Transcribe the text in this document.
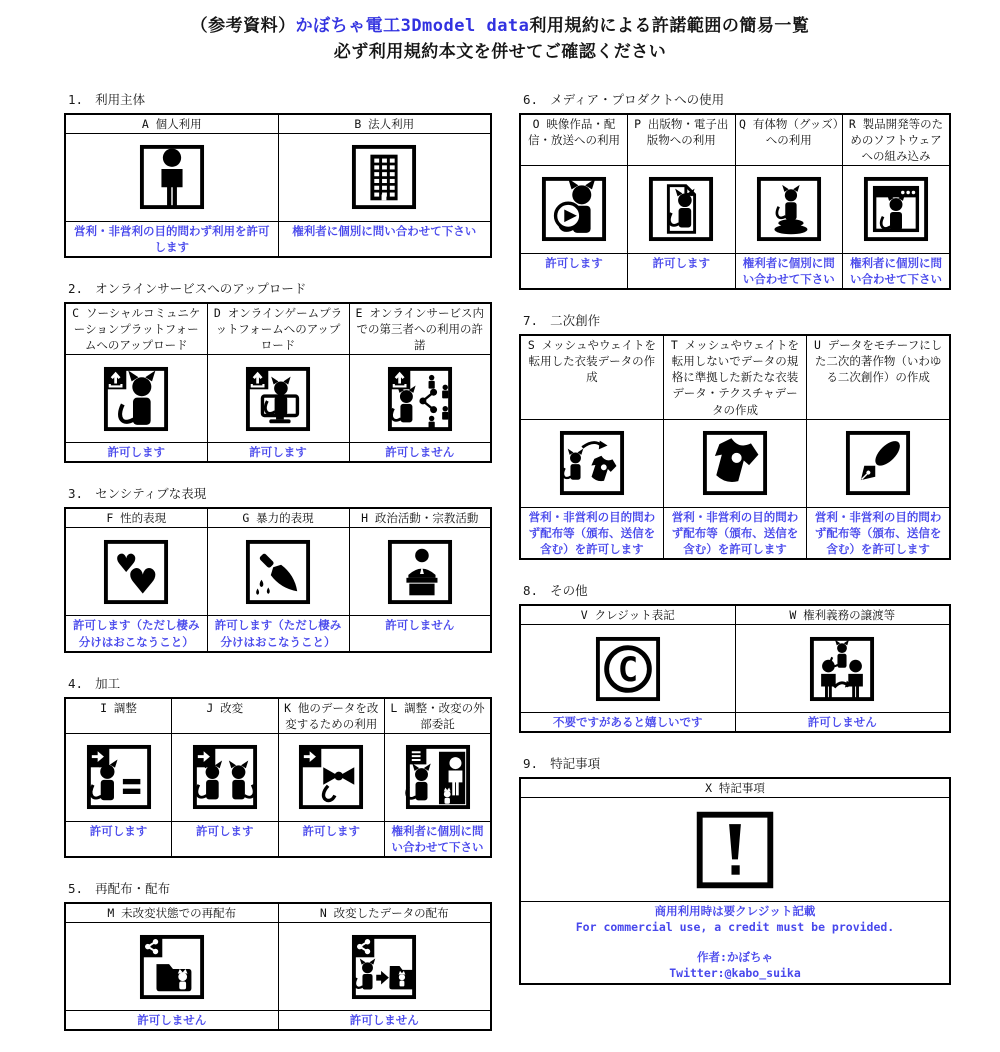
（参考資料）かぼちゃ電工3Dmodel data利用規約による許諾範囲の簡易一覧
必ず利用規約本文を併せてご確認ください
1. 利用主体
A 個人利用	B 法人利用

営利・非営利の目的問わず利用を許可します	権利者に個別に問い合わせて下さい
2. オンラインサービスへのアップロード
C ソーシャルコミュニケーションプラットフォームへのアップロード	D オンラインゲームプラットフォームへのアップロード	E オンラインサービス内での第三者への利用の許諾

許可します	許可します	許可しません
3. センシティブな表現
F 性的表現	G 暴力的表現	H 政治活動・宗教活動

♥
♥

許可します（ただし棲み分けはおこなうこと）	許可します（ただし棲み分けはおこなうこと）	許可しません
4. 加工
I 調整	J 改変	K 他のデータを改変するための利用	L 調整・改変の外部委託

許可します	許可します	許可します	権利者に個別に問い合わせて下さい
5. 再配布・配布
M 未改変状態での再配布	N 改変したデータの配布

許可しません	許可しません
6. メディア・プロダクトへの使用
O 映像作品・配信・放送への利用	P 出版物・電子出版物への利用	Q 有体物（グッズ）への利用	R 製品開発等のためのソフトウェアへの組み込み

許可します	許可します	権利者に個別に問い合わせて下さい	権利者に個別に問い合わせて下さい
7. 二次創作
S メッシュやウェイトを転用した衣装データの作成	T メッシュやウェイトを転用しないでデータの規格に準拠した新たな衣装データ・テクスチャデータの作成	U データをモチーフにした二次的著作物（いわゆる二次創作）の作成

営利・非営利の目的問わず配布等（頒布、送信を含む）を許可します	営利・非営利の目的問わず配布等（頒布、送信を含む）を許可します	営利・非営利の目的問わず配布等（頒布、送信を含む）を許可します
8. その他
V クレジット表記	W 権利義務の譲渡等

C

不要ですがあると嬉しいです	許可しません
9. 特記事項
X 特記事項

商用利用時は要クレジット記載
For commercial use, a credit must be provided.
作者:かぼちゃ
Twitter:@kabo_suika
